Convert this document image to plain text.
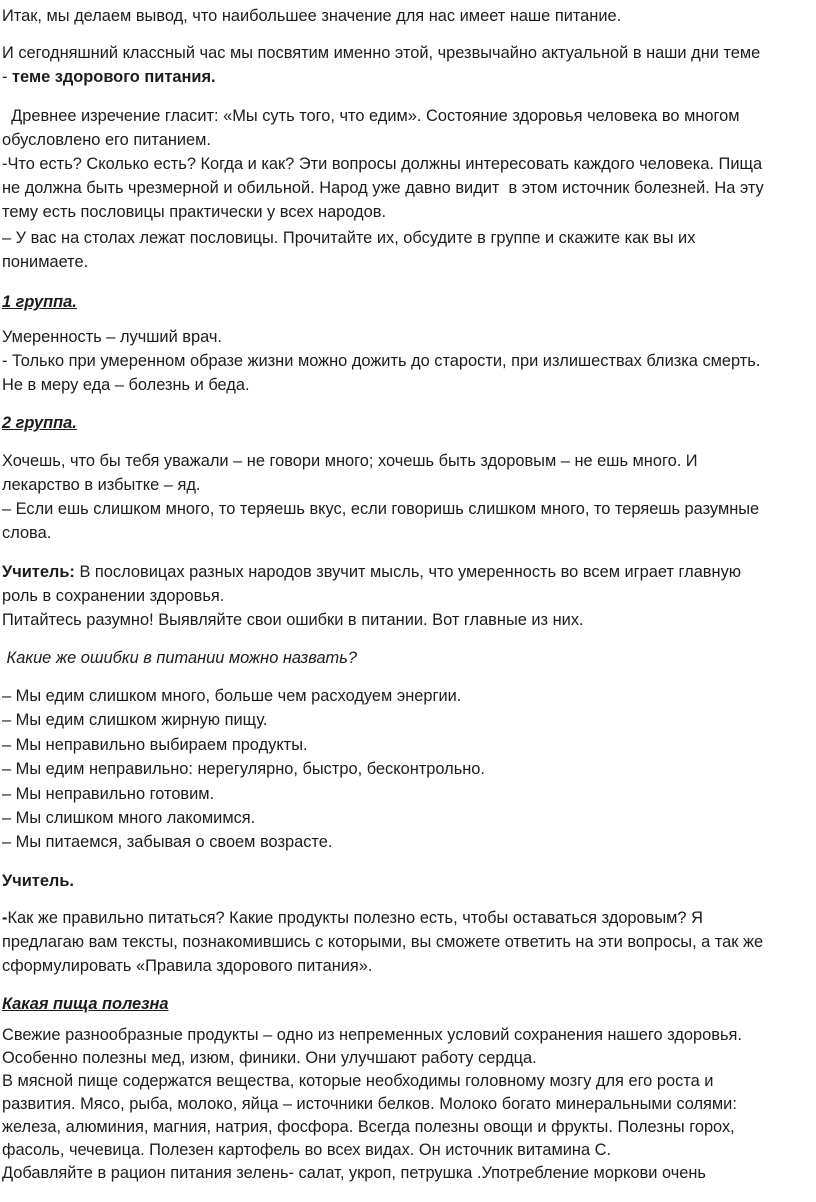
Итак, мы делаем вывод, что наибольшее значение для нас имеет наше питание.

И сегодняшний классный час мы посвятим именно этой, чрезвычайно актуальной в наши дни теме

- теме здорового питания.

Древнее изречение гласит: «Мы суть того, что едим». Состояние здоровья человека во многом

обусловлено его питанием.

-Что есть? Сколько есть? Когда и как? Эти вопросы должны интересовать каждого человека. Пища

не должна быть чрезмерной и обильной. Народ уже давно видит  в этом источник болезней. На эту

тему есть пословицы практически у всех народов.

– У вас на столах лежат пословицы. Прочитайте их, обсудите в группе и скажите как вы их

понимаете.

1 группа.

Умеренность – лучший врач.

- Только при умеренном образе жизни можно дожить до старости, при излишествах близка смерть.

Не в меру еда – болезнь и беда.

2 группа.

Хочешь, что бы тебя уважали – не говори много; хочешь быть здоровым – не ешь много. И

лекарство в избытке – яд.

– Если ешь слишком много, то теряешь вкус, если говоришь слишком много, то теряешь разумные

слова.

Учитель: В пословицах разных народов звучит мысль, что умеренность во всем играет главную

роль в сохранении здоровья.

Питайтесь разумно! Выявляйте свои ошибки в питании. Вот главные из них.

Какие же ошибки в питании можно назвать?

– Мы едим слишком много, больше чем расходуем энергии.

– Мы едим слишком жирную пищу.

– Мы неправильно выбираем продукты.

– Мы едим неправильно: нерегулярно, быстро, бесконтрольно.

– Мы неправильно готовим.

– Мы слишком много лакомимся.

– Мы питаемся, забывая о своем возрасте.

Учитель.

-Как же правильно питаться? Какие продукты полезно есть, чтобы оставаться здоровым? Я

предлагаю вам тексты, познакомившись с которыми, вы сможете ответить на эти вопросы, а так же

сформулировать «Правила здорового питания».

Какая пища полезна

Свежие разнообразные продукты – одно из непременных условий сохранения нашего здоровья.

Особенно полезны мед, изюм, финики. Они улучшают работу сердца.

В мясной пище содержатся вещества, которые необходимы головному мозгу для его роста и

развития. Мясо, рыба, молоко, яйца – источники белков. Молоко богато минеральными солями:

железа, алюминия, магния, натрия, фосфора. Всегда полезны овощи и фрукты. Полезны горох,

фасоль, чечевица. Полезен картофель во всех видах. Он источник витамина С.

Добавляйте в рацион питания зелень- салат, укроп, петрушка .Употребление моркови очень
